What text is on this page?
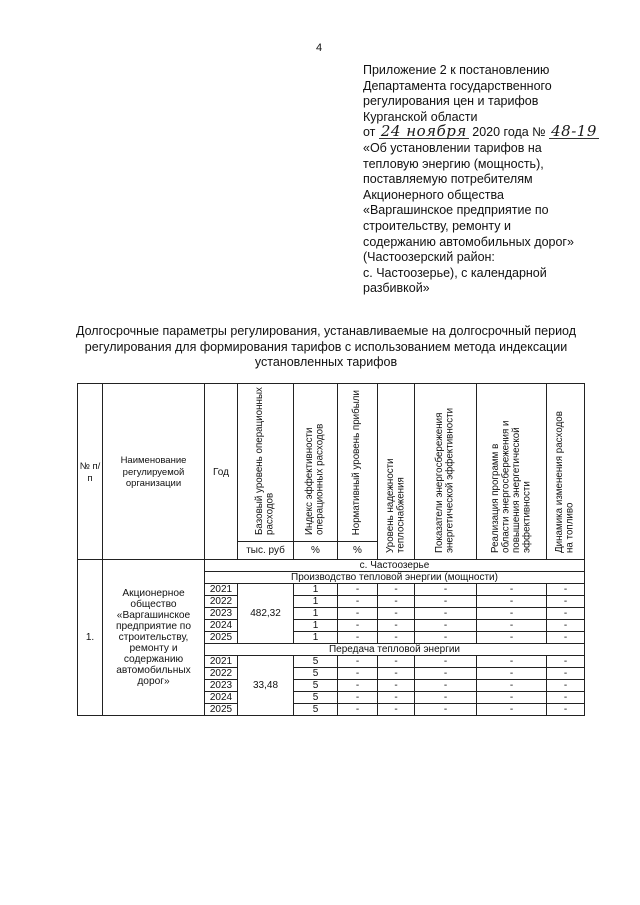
4
Приложение 2 к постановлению
Департамента государственного
регулирования цен и тарифов
Курганской области
от 24 ноября 2020 года № 48-19
«Об установлении тарифов на
тепловую энергию (мощность),
поставляемую потребителям
Акционерного общества
«Варгашинское предприятие по
строительству, ремонту и
содержанию автомобильных дорог»
(Частоозерский район:
с. Частоозерье), с календарной
разбивкой»
Долгосрочные параметры регулирования, устанавливаемые на долгосрочный период регулирования для формирования тарифов с использованием метода индексации установленных тарифов
№ п/п	Наименование регулируемой организации	Год	Базовый уровень операционных расходов	Индекс эффективности операционных расходов	Нормативный уровень прибыли	Уровень надежности теплоснабжения	Показатели энергосбережения энергетической эффективности	Реализация программ в области энергосбережения и повышения энергетической эффективности	Динамика изменения расходов на топливо
			тыс. руб	%	%				
1.	Акционерное общество «Варгашинское предприятие по строительству, ремонту и содержанию автомобильных дорог»	с. Частоозерье							
		Производство тепловой энергии (мощности)							
		2021	482,32	1	-	-	-	-	-
		2022		1	-	-	-	-	-
		2023		1	-	-	-	-	-
		2024		1	-	-	-	-	-
		2025		1	-	-	-	-	-
		Передача тепловой энергии							
		2021	33,48	5	-	-	-	-	-
		2022		5	-	-	-	-	-
		2023		5	-	-	-	-	-
		2024		5	-	-	-	-	-
		2025		5	-	-	-	-	-
